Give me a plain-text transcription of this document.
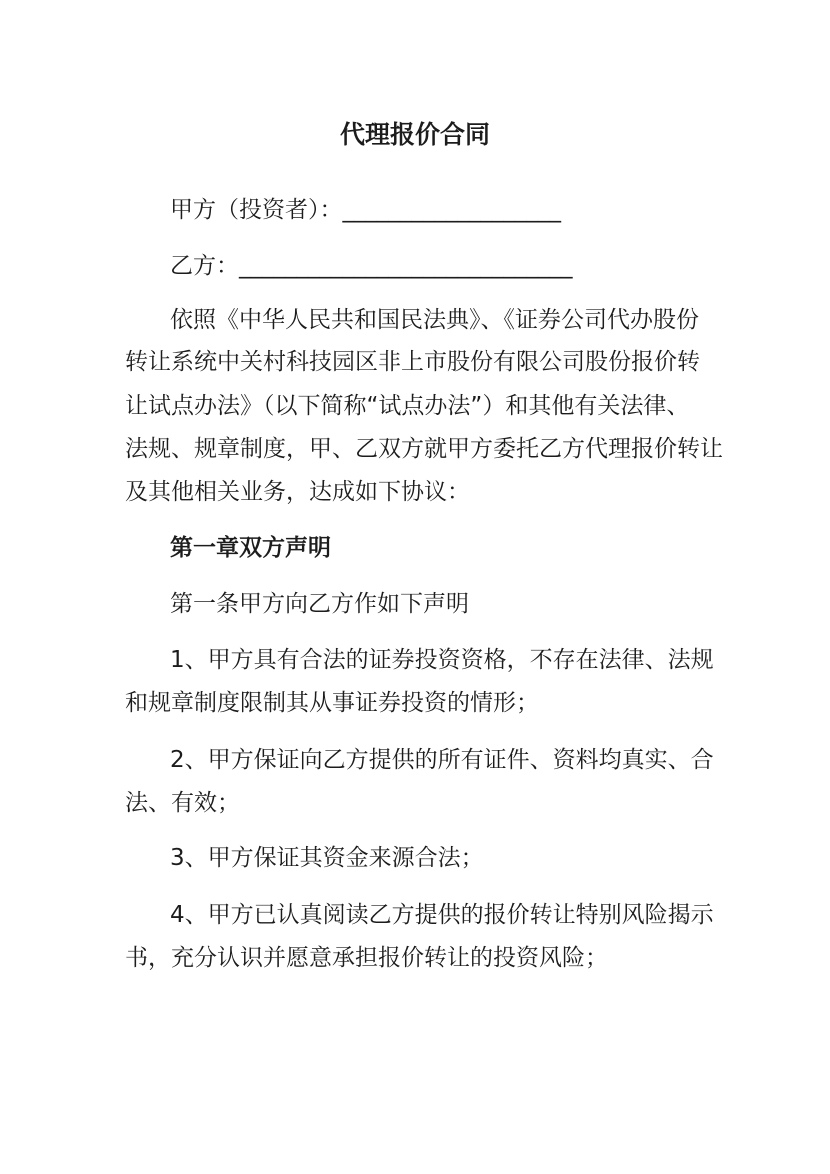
代理报价合同
甲方（投资者）：___________________
乙方：_____________________________
依照《中华人民共和国民法典》、《证券公司代办股份
转让系统中关村科技园区非上市股份有限公司股份报价转
让试点办法》（以下简称“试点办法”）和其他有关法律、
法规、规章制度，甲、乙双方就甲方委托乙方代理报价转让
及其他相关业务，达成如下协议：
第一章双方声明
第一条甲方向乙方作如下声明
1、甲方具有合法的证券投资资格，不存在法律、法规
和规章制度限制其从事证券投资的情形；
2、甲方保证向乙方提供的所有证件、资料均真实、合
法、有效；
3、甲方保证其资金来源合法；
4、甲方已认真阅读乙方提供的报价转让特别风险揭示
书，充分认识并愿意承担报价转让的投资风险；
